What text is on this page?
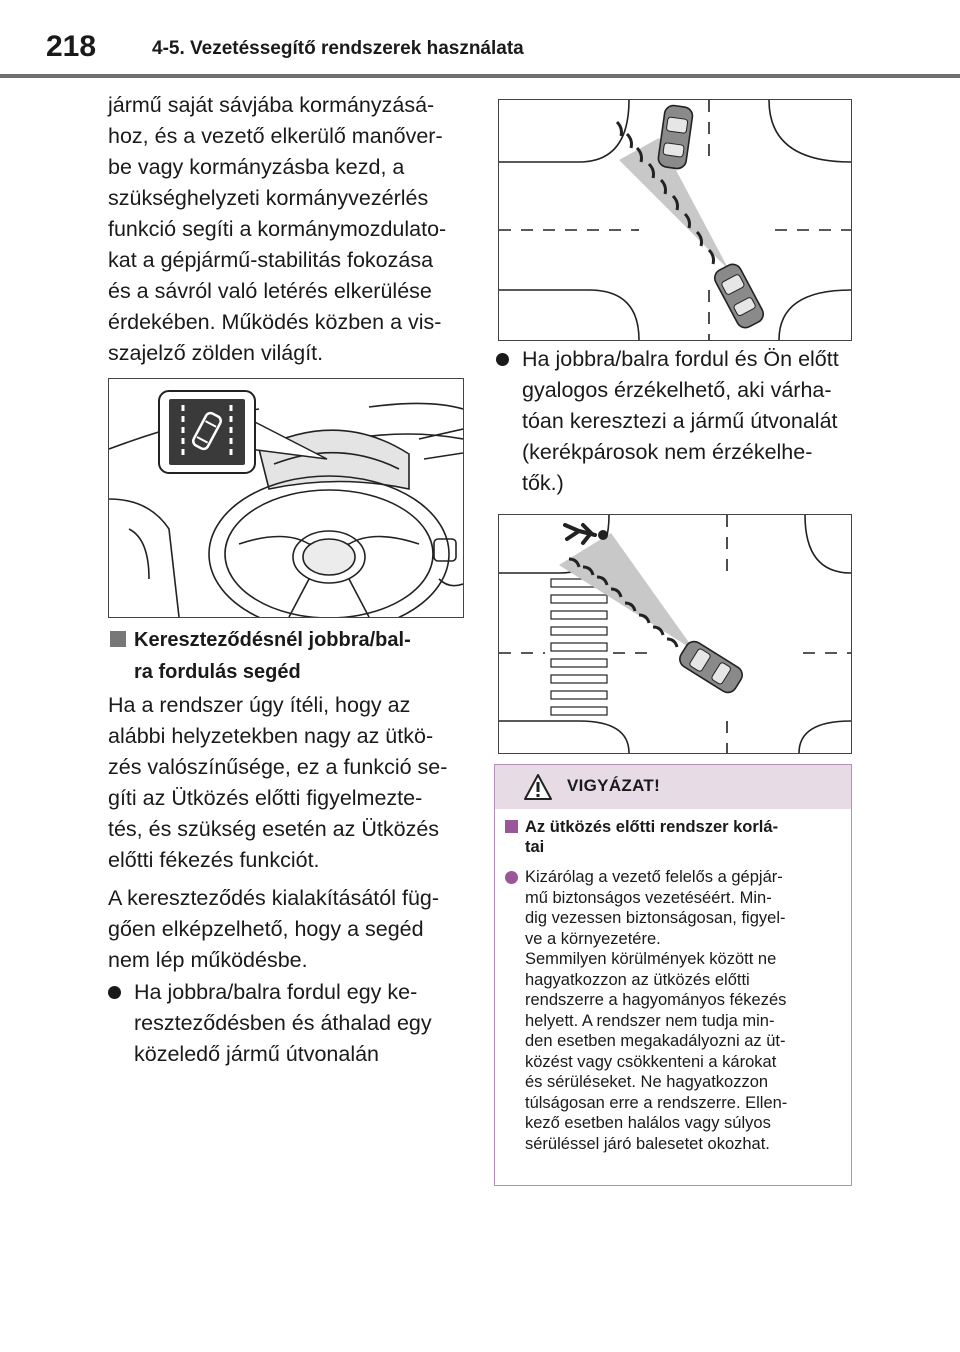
218	4-5. Vezetéssegítő rendszerek használata

jármű saját sávjába kormányzásá-

hoz, és a vezető elkerülő manőver-

be vagy kormányzásba kezd, a

szükséghelyzeti kormányvezérlés

funkció segíti a kormánymozdulato-

kat a gépjármű-stabilitás fokozása

és a sávról való letérés elkerülése

érdekében. Működés közben a vis-

szajelző zölden világít.

Kereszteződésnél jobbra/bal-
ra fordulás segéd

Ha a rendszer úgy ítéli, hogy az

alábbi helyzetekben nagy az ütkö-

zés valószínűsége, ez a funkció se-

gíti az Ütközés előtti figyelmezte-

tés, és szükség esetén az Ütközés

előtti fékezés funkciót.

A kereszteződés kialakításától füg-

gően elképzelhető, hogy a segéd

nem lép működésbe.

Ha jobbra/balra fordul egy ke-
reszteződésben és áthalad egy
közeledő jármű útvonalán
Ha jobbra/balra fordul és Ön előtt
gyalogos érzékelhető, aki várha-
tóan keresztezi a jármű útvonalát
(kerékpárosok nem érzékelhe-
tők.)
VIGYÁZAT!
Az ütközés előtti rendszer korlá-
tai

Kizárólag a vezető felelős a gépjár-

mű biztonságos vezetéséért. Min-

dig vezessen biztonságosan, figyel-

ve a környezetére.

Semmilyen körülmények között ne

hagyatkozzon az ütközés előtti

rendszerre a hagyományos fékezés

helyett. A rendszer nem tudja min-

den esetben megakadályozni az üt-

közést vagy csökkenteni a károkat

és sérüléseket. Ne hagyatkozzon

túlságosan erre a rendszerre. Ellen-

kező esetben halálos vagy súlyos

sérüléssel járó balesetet okozhat.
